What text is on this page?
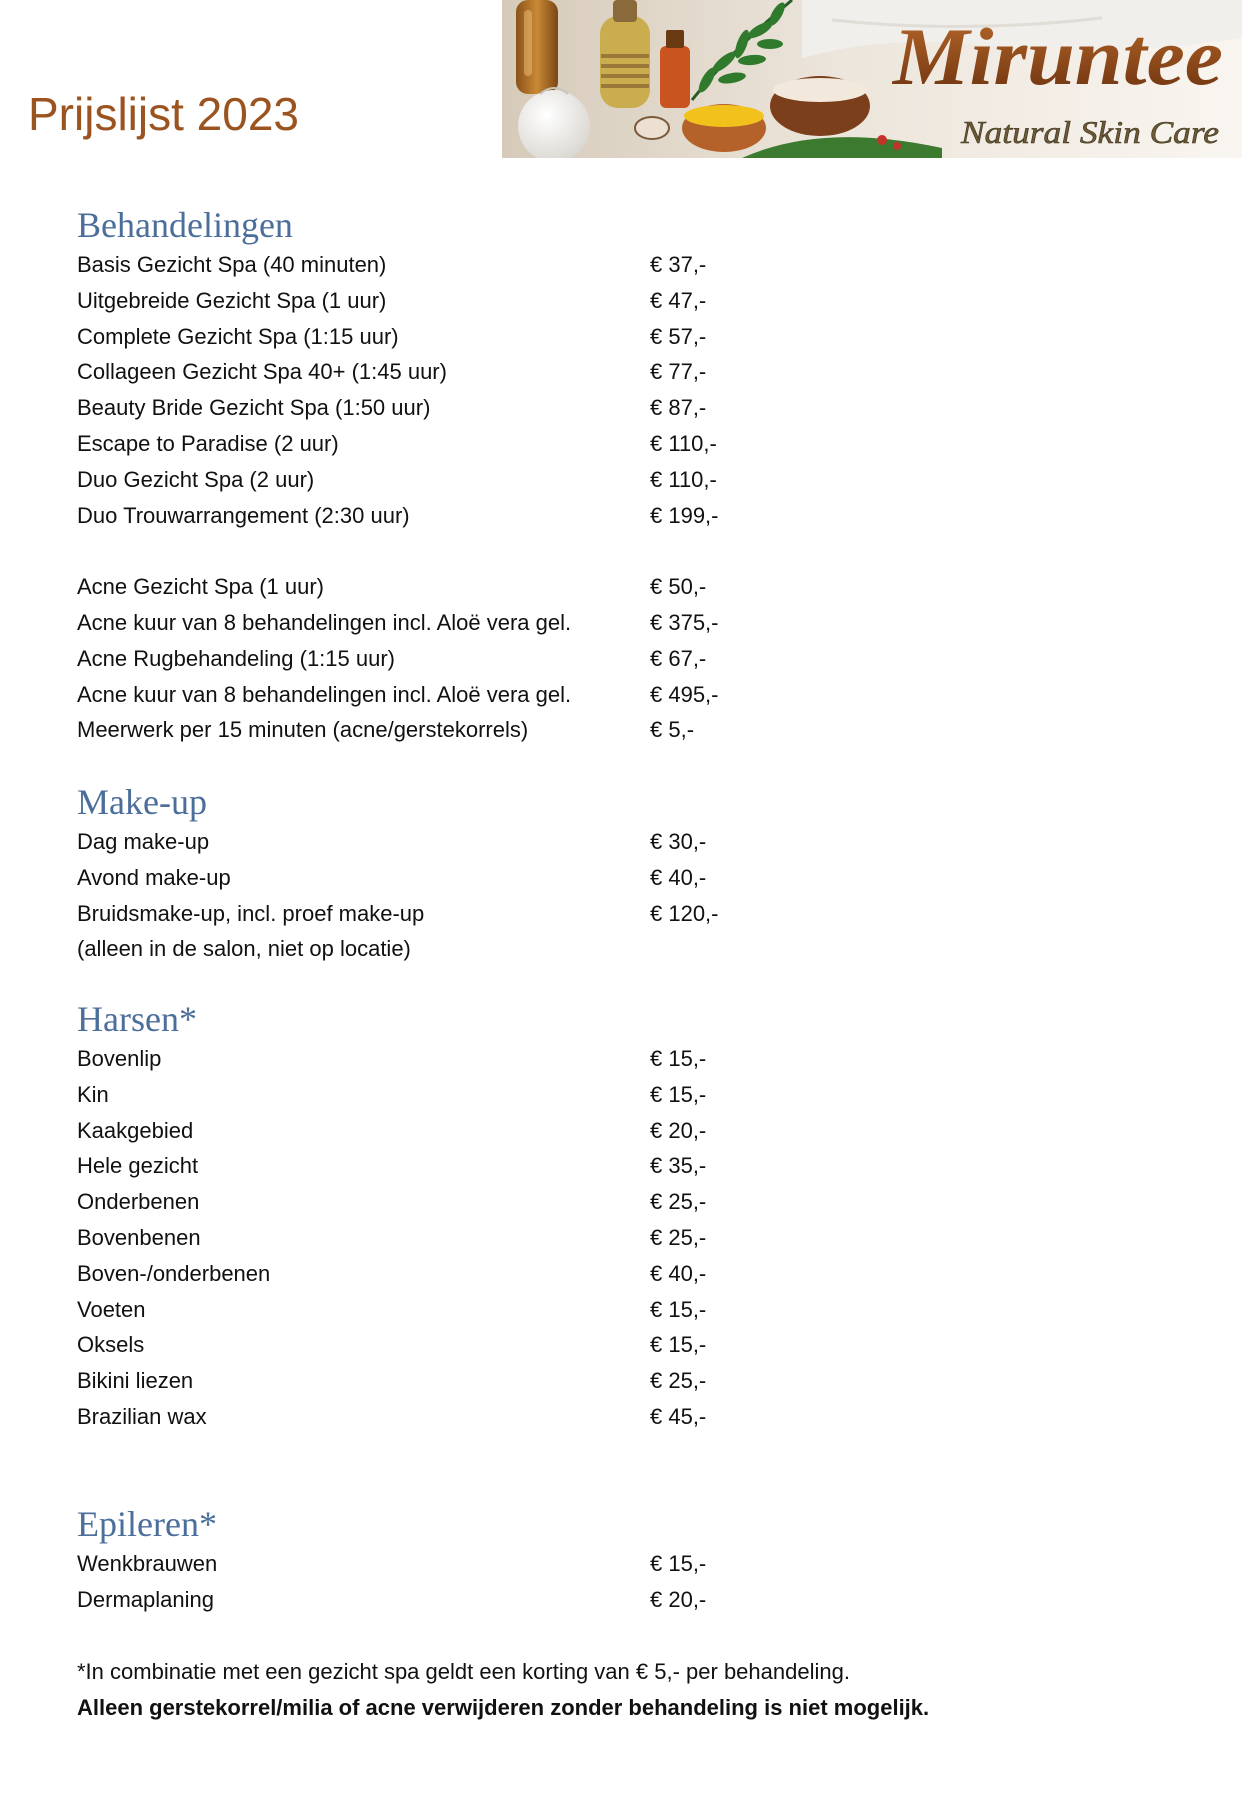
Prijslijst 2023
Miruntee
Natural Skin Care
Behandelingen
Basis Gezicht Spa (40 minuten)	€ 37,-
Uitgebreide Gezicht Spa (1 uur)	€ 47,-
Complete Gezicht Spa (1:15 uur)	€ 57,-
Collageen Gezicht Spa 40+ (1:45 uur)	€ 77,-
Beauty Bride Gezicht Spa (1:50 uur)	€ 87,-
Escape to Paradise (2 uur)	€ 110,-
Duo Gezicht Spa (2 uur)	€ 110,-
Duo Trouwarrangement (2:30 uur)	€ 199,-
Acne Gezicht Spa (1 uur)	€ 50,-
Acne kuur van 8 behandelingen incl. Aloë vera gel.	€ 375,-
Acne Rugbehandeling (1:15 uur)	€ 67,-
Acne kuur van 8 behandelingen incl. Aloë vera gel.	€ 495,-
Meerwerk per 15 minuten (acne/gerstekorrels)	€ 5,-
Make-up
Dag make-up	€ 30,-
Avond make-up	€ 40,-
Bruidsmake-up, incl. proef make-up	€ 120,-
(alleen in de salon, niet op locatie)
Harsen*
Bovenlip	€ 15,-
Kin	€ 15,-
Kaakgebied	€ 20,-
Hele gezicht	€ 35,-
Onderbenen	€ 25,-
Bovenbenen	€ 25,-
Boven-/onderbenen	€ 40,-
Voeten	€ 15,-
Oksels	€ 15,-
Bikini liezen	€ 25,-
Brazilian wax	€ 45,-
Epileren*
Wenkbrauwen	€ 15,-
Dermaplaning	€ 20,-
*In combinatie met een gezicht spa geldt een korting van € 5,- per behandeling.
Alleen gerstekorrel/milia of acne verwijderen zonder behandeling is niet mogelijk.
